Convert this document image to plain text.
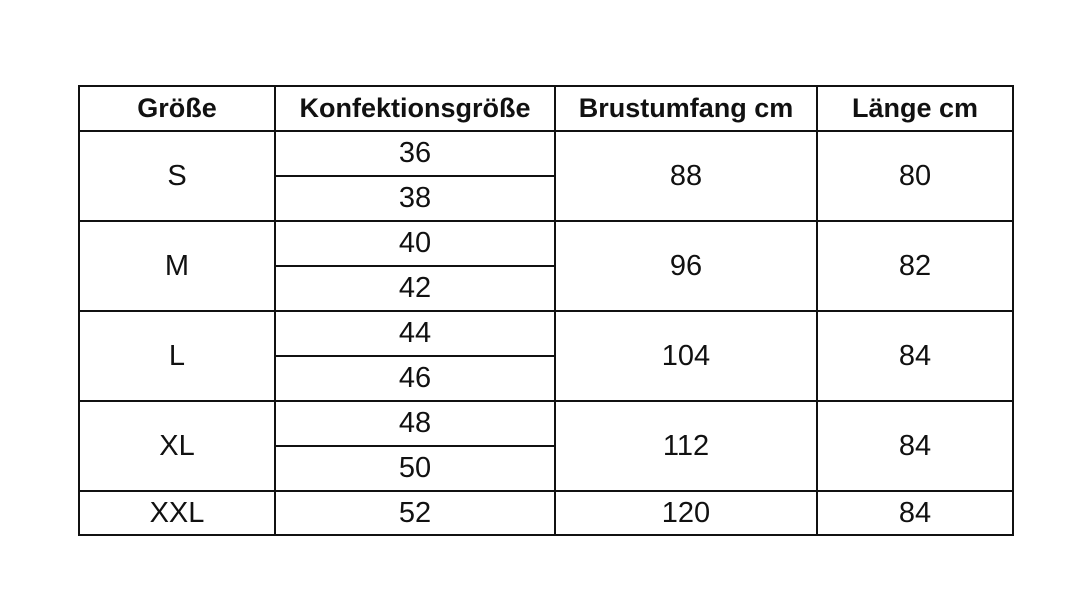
Größe	Konfektionsgröße	Brustumfang cm	Länge cm
S	36	88	80
	38		
M	40	96	82
	42		
L	44	104	84
	46		
XL	48	112	84
	50		
XXL	52	120	84
